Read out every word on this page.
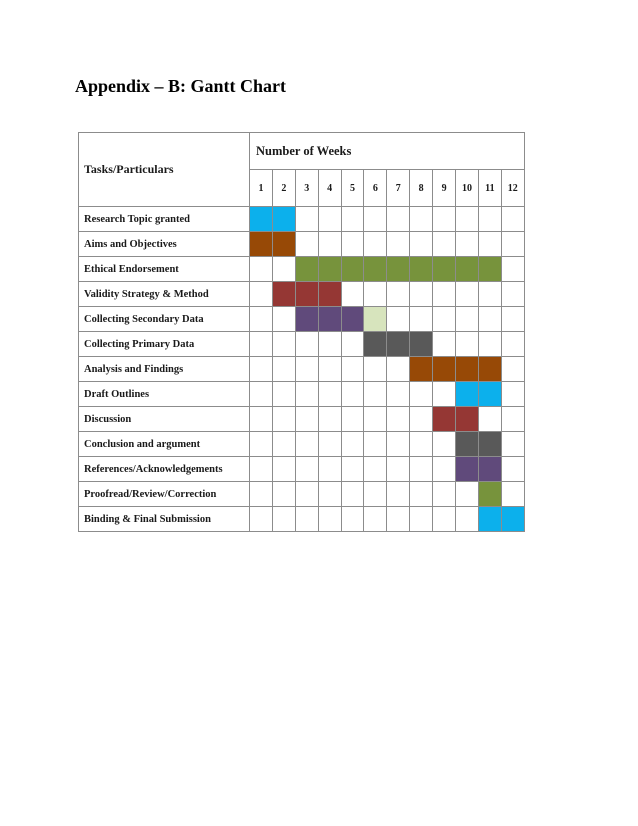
Appendix – B: Gantt Chart
Tasks/Particulars	Number of Weeks											
	1	2	3	4	5	6	7	8	9	10	11	12
Research Topic granted												
Aims and Objectives												
Ethical Endorsement												
Validity Strategy & Method												
Collecting Secondary Data												
Collecting Primary Data												
Analysis and Findings												
Draft Outlines												
Discussion												
Conclusion and argument												
References/Acknowledgements												
Proofread/Review/Correction												
Binding & Final Submission												
